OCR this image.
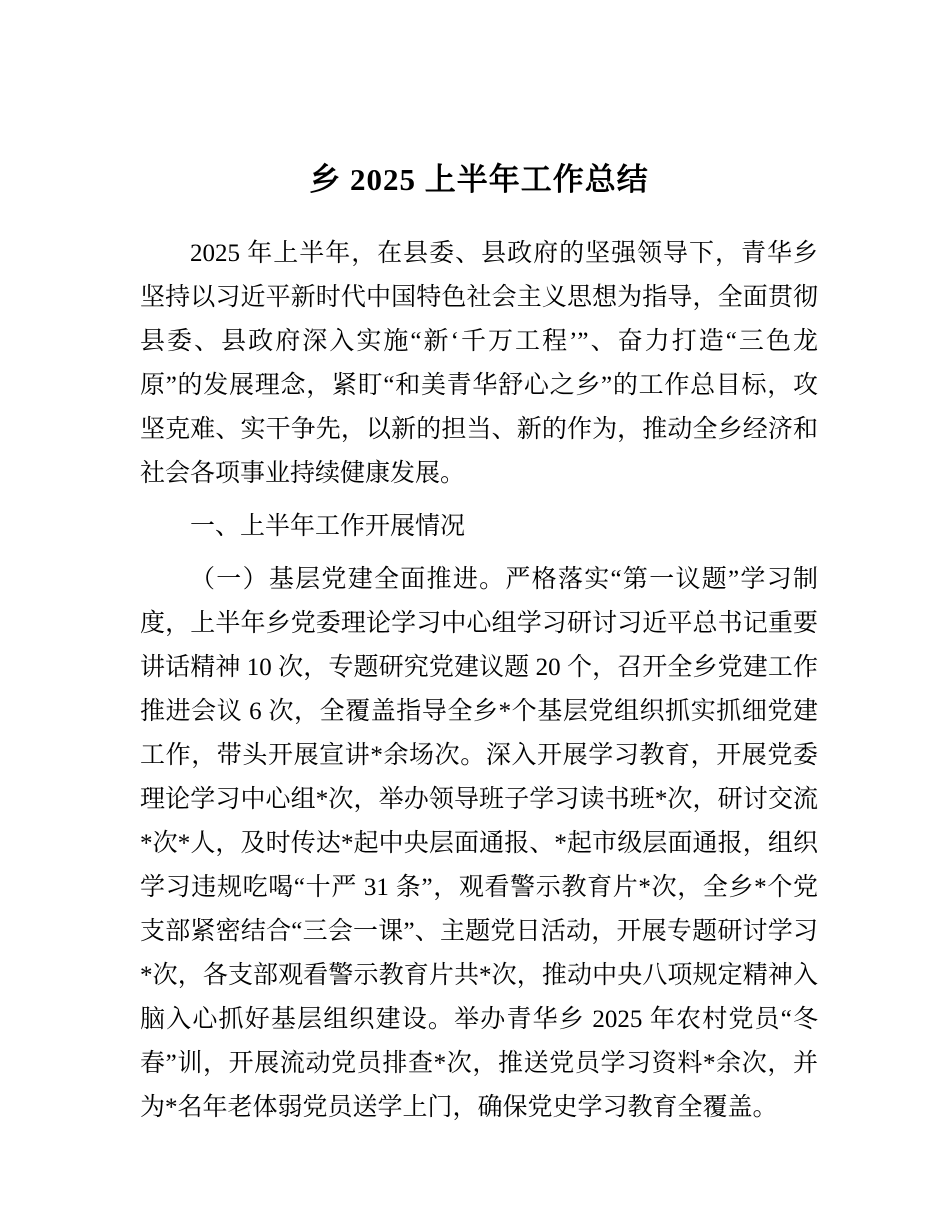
乡 2025 上半年工作总结

2025 年上半年，在县委、县政府的坚强领导下，青华乡坚持以习近平新时代中国特色社会主义思想为指导，全面贯彻县委、县政府深入实施“新‘千万工程’”、奋力打造“三色龙原”的发展理念，紧盯“和美青华舒心之乡”的工作总目标，攻坚克难、实干争先，以新的担当、新的作为，推动全乡经济和社会各项事业持续健康发展。

一、上半年工作开展情况

（一）基层党建全面推进。严格落实“第一议题”学习制度，上半年乡党委理论学习中心组学习研讨习近平总书记重要讲话精神 10 次，专题研究党建议题 20 个，召开全乡党建工作推进会议 6 次，全覆盖指导全乡*个基层党组织抓实抓细党建工作，带头开展宣讲*余场次。深入开展学习教育，开展党委理论学习中心组*次，举办领导班子学习读书班*次，研讨交流*次*人，及时传达*起中央层面通报、*起市级层面通报，组织学习违规吃喝“十严 31 条”，观看警示教育片*次，全乡*个党支部紧密结合“三会一课”、主题党日活动，开展专题研讨学习*次，各支部观看警示教育片共*次，推动中央八项规定精神入脑入心抓好基层组织建设。举办青华乡 2025 年农村党员“冬春”训，开展流动党员排查*次，推送党员学习资料*余次，并为*名年老体弱党员送学上门，确保党史学习教育全覆盖。
